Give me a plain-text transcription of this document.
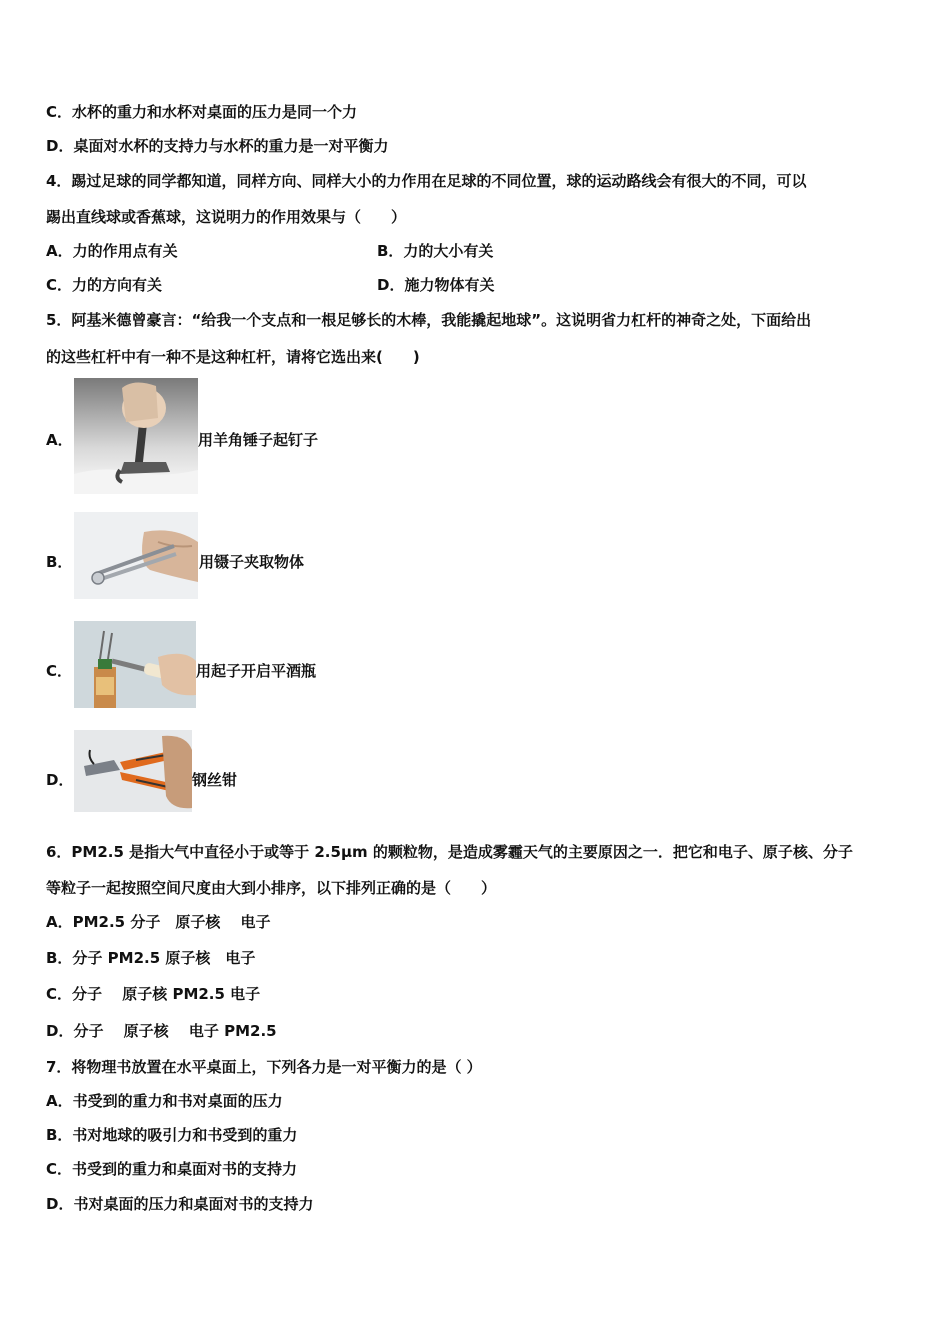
C．水杯的重力和水杯对桌面的压力是同一个力
D．桌面对水杯的支持力与水杯的重力是一对平衡力
4．踢过足球的同学都知道，同样方向、同样大小的力作用在足球的不同位置，球的运动路线会有很大的不同，可以
踢出直线球或香蕉球，这说明力的作用效果与（　　）
A．力的作用点有关	B．力的大小有关
C．力的方向有关	D．施力物体有关
5．阿基米德曾豪言：“给我一个支点和一根足够长的木棒，我能撬起地球”。这说明省力杠杆的神奇之处，下面给出
的这些杠杆中有一种不是这种杠杆，请将它选出来(　　)
A．	用羊角锤子起钉子
B．	用镊子夹取物体
C．	用起子开启平酒瓶
D．	钢丝钳
6．PM2.5 是指大气中直径小于或等于 2.5μm 的颗粒物，是造成雾霾天气的主要原因之一．把它和电子、原子核、分子
等粒子一起按照空间尺度由大到小排序，以下排列正确的是（　　）
A．PM2.5 分子　原子核　 电子
B．分子 PM2.5 原子核　电子
C．分子　 原子核 PM2.5 电子
D．分子　 原子核　 电子 PM2.5
7．将物理书放置在水平桌面上，下列各力是一对平衡力的是（ ）
A．书受到的重力和书对桌面的压力
B．书对地球的吸引力和书受到的重力
C．书受到的重力和桌面对书的支持力
D．书对桌面的压力和桌面对书的支持力
